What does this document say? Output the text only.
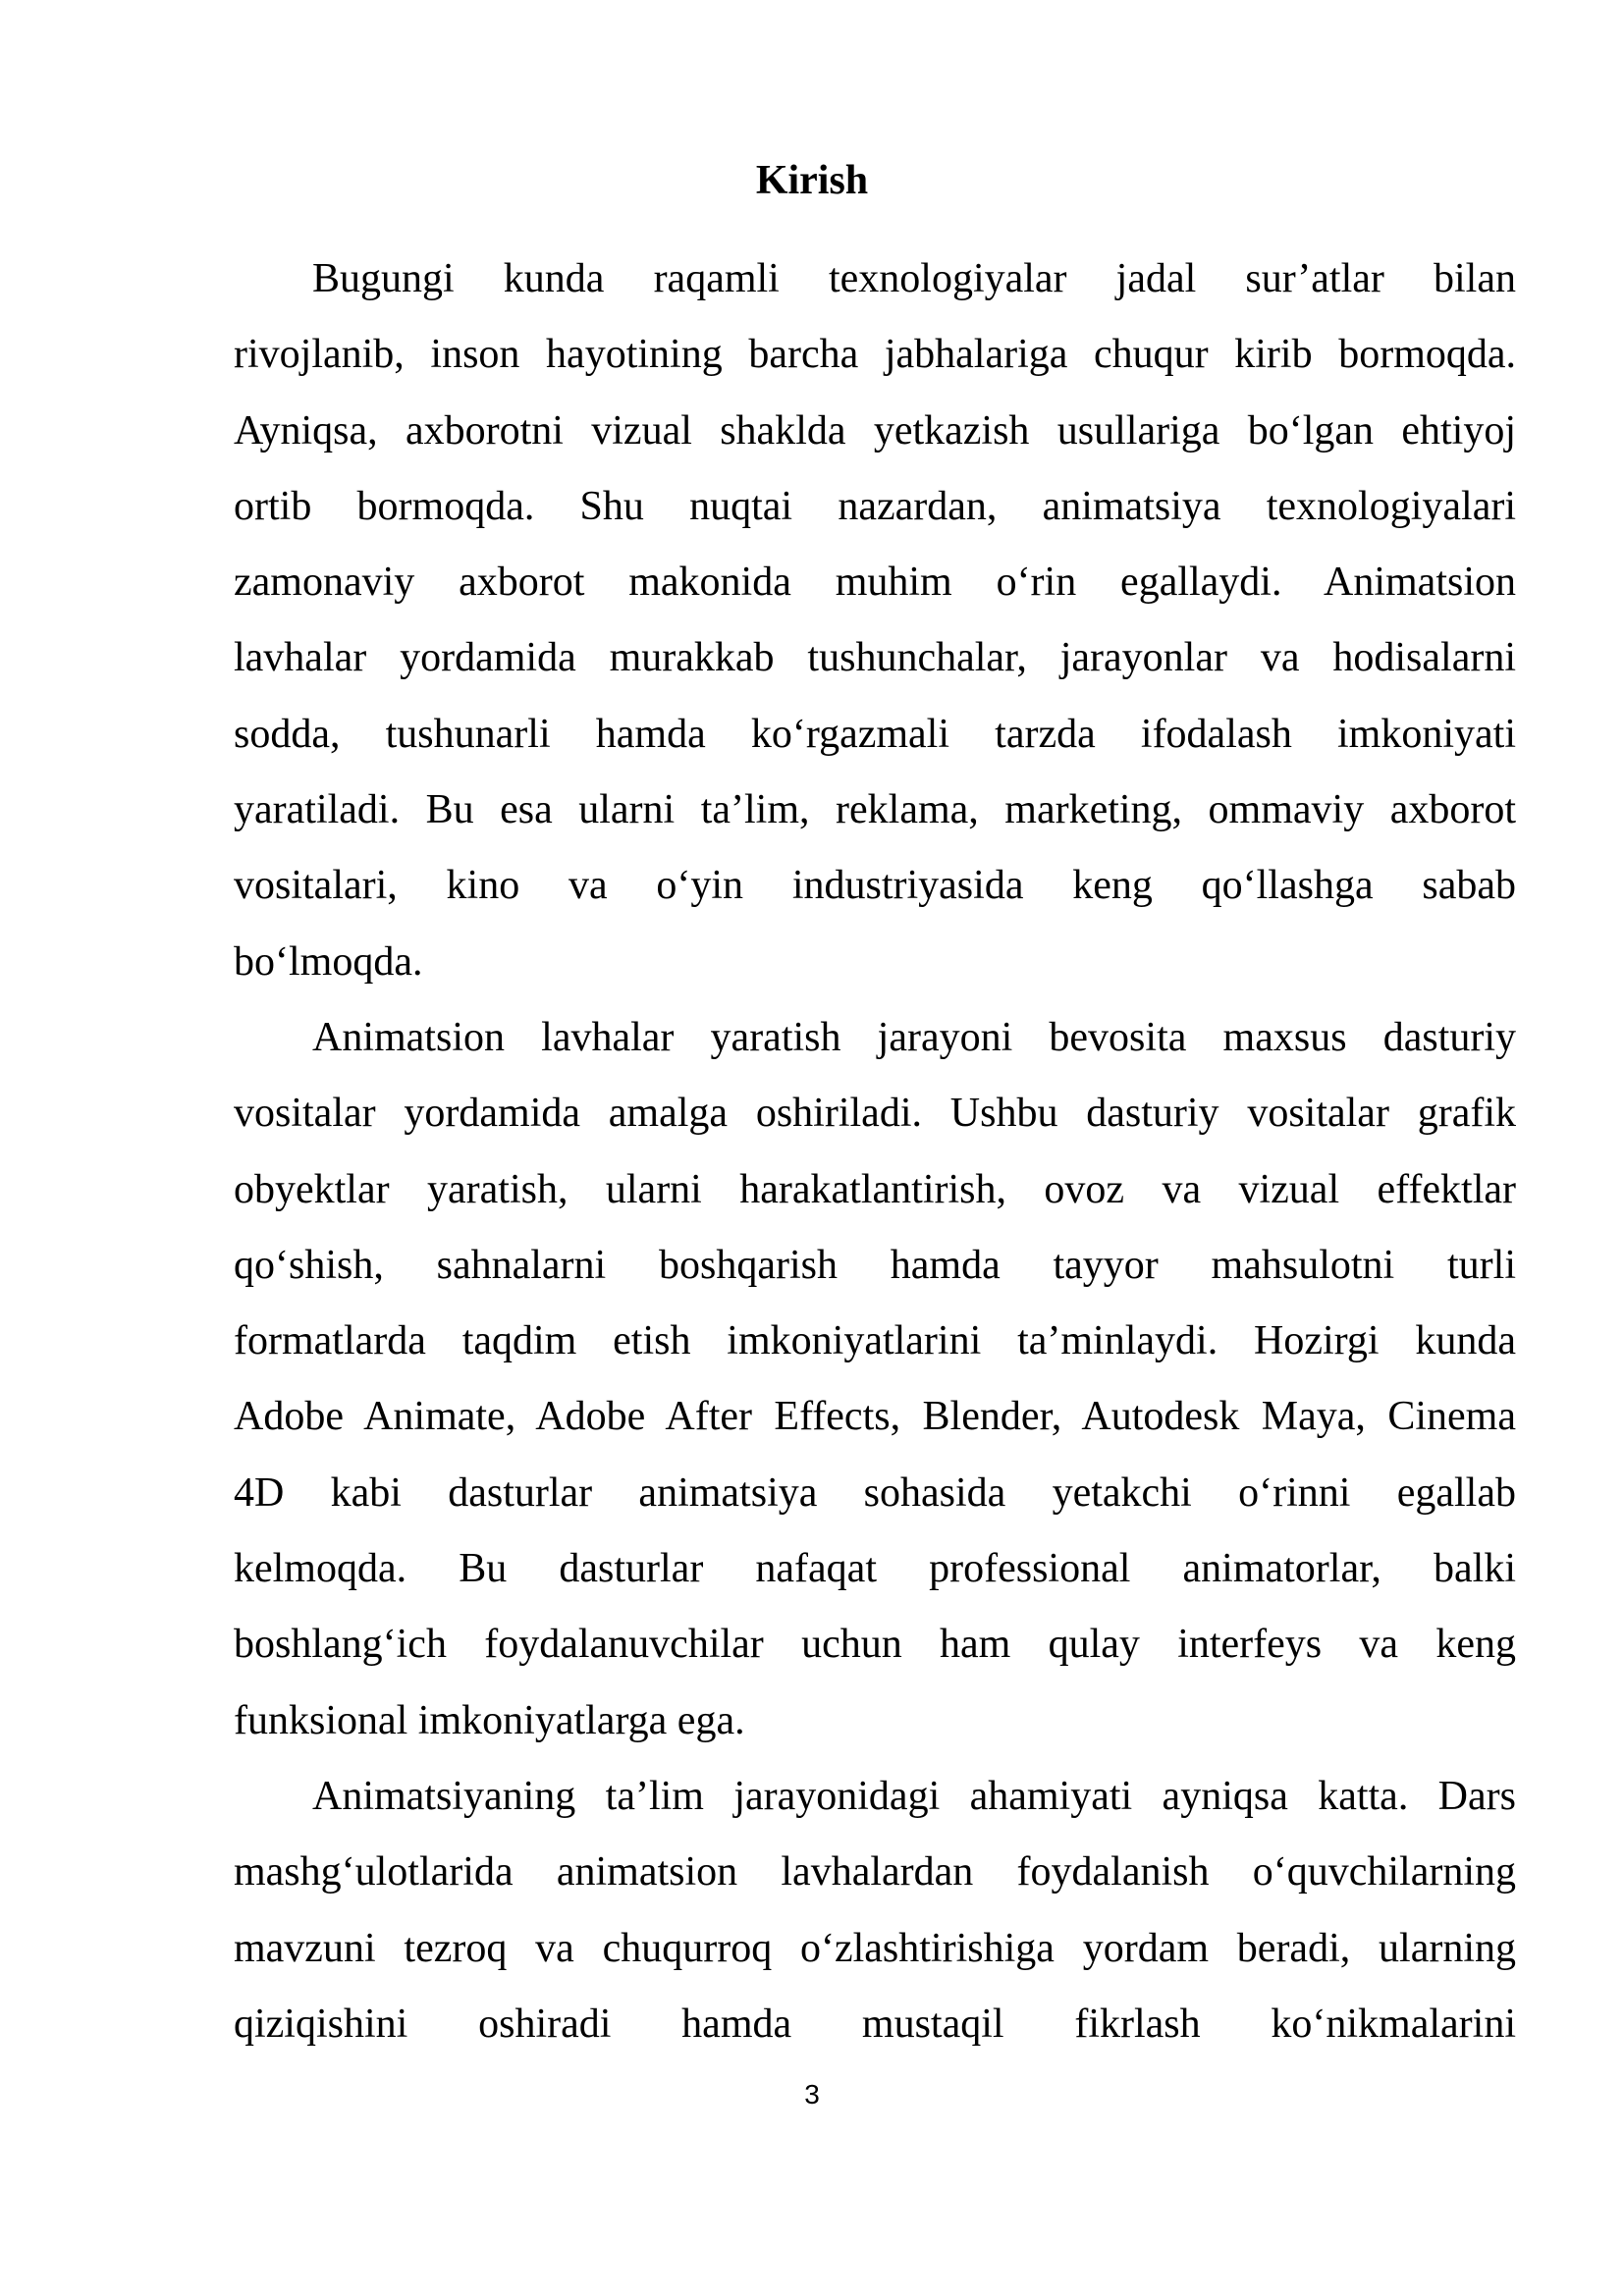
Kirish
Bugungi kunda raqamli texnologiyalar jadal sur’atlar bilan
rivojlanib, inson hayotining barcha jabhalariga chuqur kirib bormoqda.
Ayniqsa, axborotni vizual shaklda yetkazish usullariga bo‘lgan ehtiyoj
ortib bormoqda. Shu nuqtai nazardan, animatsiya texnologiyalari
zamonaviy axborot makonida muhim o‘rin egallaydi. Animatsion
lavhalar yordamida murakkab tushunchalar, jarayonlar va hodisalarni
sodda, tushunarli hamda ko‘rgazmali tarzda ifodalash imkoniyati
yaratiladi. Bu esa ularni ta’lim, reklama, marketing, ommaviy axborot
vositalari, kino va o‘yin industriyasida keng qo‘llashga sabab
bo‘lmoqda.
Animatsion lavhalar yaratish jarayoni bevosita maxsus dasturiy
vositalar yordamida amalga oshiriladi. Ushbu dasturiy vositalar grafik
obyektlar yaratish, ularni harakatlantirish, ovoz va vizual effektlar
qo‘shish, sahnalarni boshqarish hamda tayyor mahsulotni turli
formatlarda taqdim etish imkoniyatlarini ta’minlaydi. Hozirgi kunda
Adobe Animate, Adobe After Effects, Blender, Autodesk Maya, Cinema
4D kabi dasturlar animatsiya sohasida yetakchi o‘rinni egallab
kelmoqda. Bu dasturlar nafaqat professional animatorlar, balki
boshlang‘ich foydalanuvchilar uchun ham qulay interfeys va keng
funksional imkoniyatlarga ega.
Animatsiyaning ta’lim jarayonidagi ahamiyati ayniqsa katta. Dars
mashg‘ulotlarida animatsion lavhalardan foydalanish o‘quvchilarning
mavzuni tezroq va chuqurroq o‘zlashtirishiga yordam beradi, ularning
qiziqishini oshiradi hamda mustaqil fikrlash ko‘nikmalarini
3
